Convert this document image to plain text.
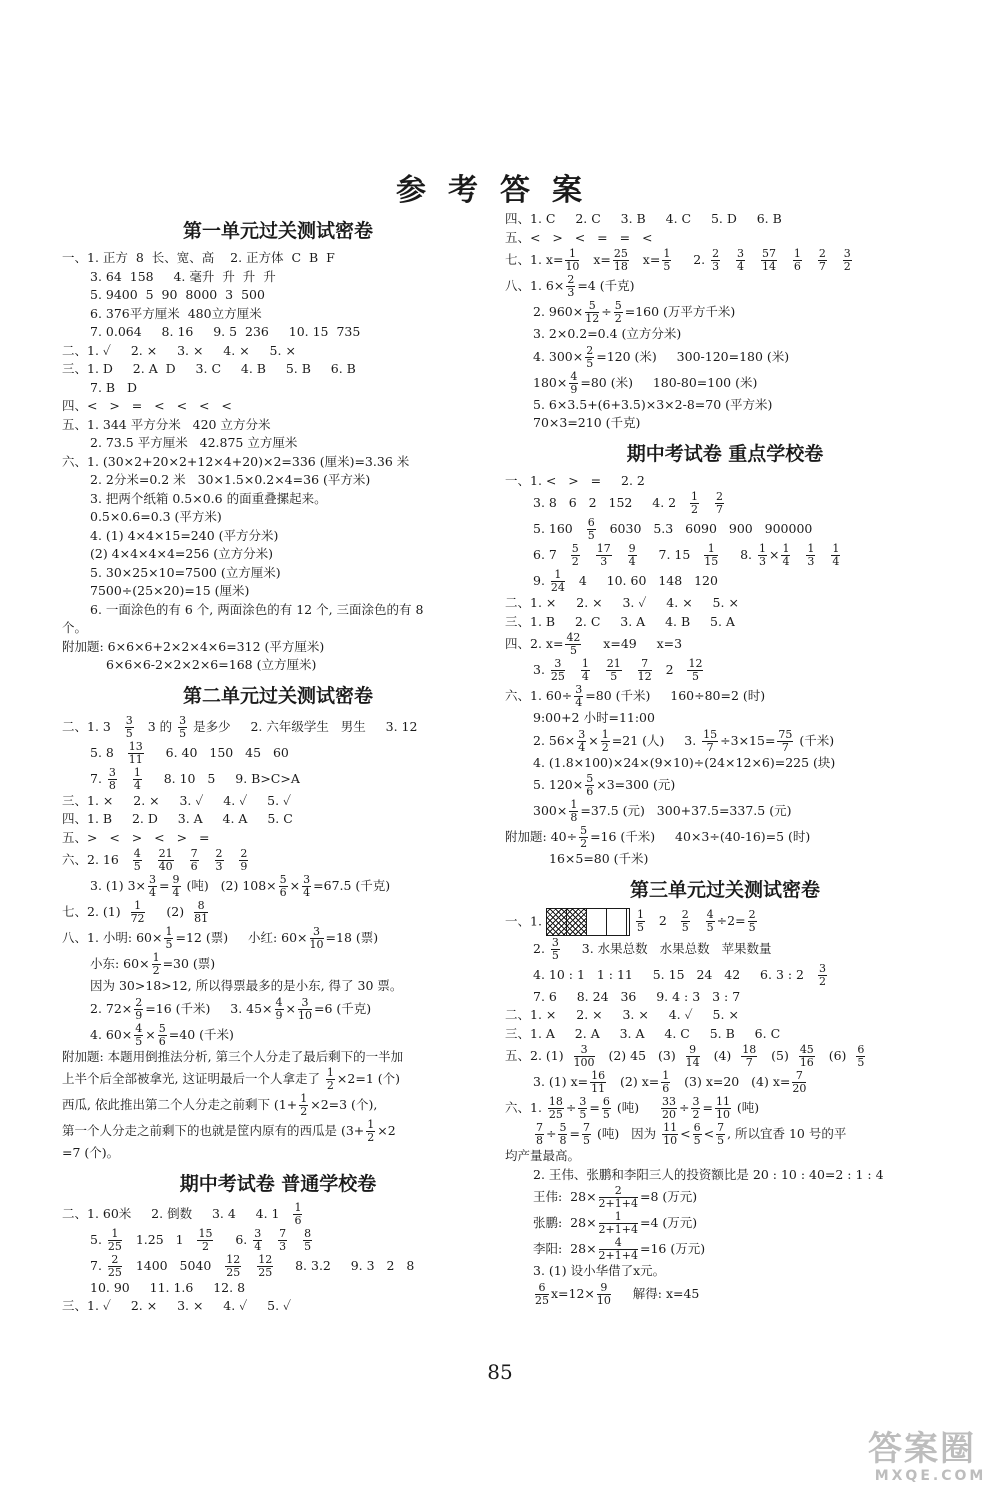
参考答案
第一单元过关测试密卷
一、1. 正方  8  长、宽、高    2. 正方体  C  B  F
3. 64  158     4. 毫升  升  升  升
5. 9400  5  90  8000  3  500
6. 376平方厘米  480立方厘米
7. 0.064     8. 16     9. 5  236     10. 15  735
二、1. ✓     2. ×     3. ×     4. ×     5. ×
三、1. D     2. A  D     3. C     4. B     5. B     6. B
7. B   D
四、<   >   =   <   <   <   <
五、1. 344 平方分米   420 立方分米
2. 73.5 平方厘米   42.875 立方厘米
六、1. (30×2+20×2+12×4+20)×2=336 (厘米)=3.36 米
2. 2分米=0.2 米   30×1.5×0.2×4=36 (平方米)
3. 把两个纸箱 0.5×0.6 的面重叠摞起来。
0.5×0.6=0.3 (平方米)
4. (1) 4×4×15=240 (平方分米)
(2) 4×4×4×4=256 (立方分米)
5. 30×25×10=7500 (立方厘米)
7500÷(25×20)=15 (厘米)
6. 一面涂色的有 6 个, 两面涂色的有 12 个, 三面涂色的有 8
个。
附加题: 6×6×6+2×2×4×6=312 (平方厘米)
6×6×6-2×2×2×6=168 (立方厘米)
第二单元过关测试密卷
二、1. $3 \frac{3}{5} 3$ 的 $\frac{3}{5}$ 是多少     2. 六年级学生   男生     3. 12
5. $8 \frac{13}{11} 6$. 40   150   45   60
7. $\frac{3}{8}$
$\frac{1}{4} 8$. 10   5     9. B>C>A
三、1. ×     2. ×     3. ✓     4. ✓     5. ✓
四、1. B     2. D     3. A     4. A     5. C
五、>   <   >   <   >   =
六、2. $16 \frac{4}{5}$
$\frac{21}{40}$
$\frac{7}{6}$
$\frac{2}{3}$
$\frac{2}{9}$
3. (1) $3\times \frac{3}{4} = \frac{9}{4}$ (吨)   (2) $108\times \frac{5}{6} \times \frac{3}{4} =67.5$ (千克)
七、2. $(1) \frac{1}{72} (2) \frac{8}{81}$
八、1. 小明: $60\times \frac{1}{5} =12$ (票)     小红: $60\times \frac{3}{10} =18$ (票)
小东: $60\times \frac{1}{2} =30$ (票)
因为 30>18>12, 所以得票最多的是小东, 得了 30 票。
2. $72\times \frac{2}{9} =16$ (千米)     3. $45\times \frac{4}{9} \times \frac{3}{10} =6$ (千克)
4. $60\times \frac{4}{5} \times \frac{5}{6} =40$ (千米)
附加题: 本题用倒推法分析, 第三个人分走了最后剩下的一半加
上半个后全部被拿光, 这证明最后一个人拿走了 $\frac{1}{2} \times 2=1$ (个)
西瓜, 依此推出第二个人分走之前剩下 ($1+ \frac{1}{2} \times 2=3$ (个),
第一个人分走之前剩下的也就是筐内原有的西瓜是 ($3+ \frac{1}{2} \times 2$
=7 (个)。
期中考试卷 普通学校卷
二、1. 60米     2. 倒数     3. 4     4. $1 \frac{1}{6}$
5. $\frac{1}{25} 1.25$   $1 \frac{15}{2} 6$. $\frac{3}{4}$
$\frac{7}{3}$
$\frac{8}{5}$
7. $\frac{2}{25} 1400$   $5040 \frac{12}{25}$
$\frac{12}{25} 8$. 3.2     9. 3   2   8
10. 90     11. 1.6     12. 8
三、1. ✓     2. ×     3. ×     4. ✓     5. ✓
四、1. C     2. C     3. B     4. C     5. D     6. B
五、<   >   <   =   =   <
七、1. $x= \frac{1}{10} x= \frac{25}{18} x= \frac{1}{5} 2$. $\frac{2}{3}$
$\frac{3}{4}$
$\frac{57}{14}$
$\frac{1}{6}$
$\frac{2}{7}$
$\frac{3}{2}$
八、1. $6\times \frac{2}{3} =4$ (千克)
2. $960\times \frac{5}{12} \div \frac{5}{2} =160$ (万平方千米)
3. 2×0.2=0.4 (立方分米)
4. $300\times \frac{2}{5} =120$ (米)     300-120=180 (米)
$180\times \frac{4}{9} =80$ (米)     180-80=100 (米)
5. 6×3.5+(6+3.5)×3×2-8=70 (平方米)
70×3=210 (千克)
期中考试卷 重点学校卷
一、1. <   >   =     2. 2
3. 8   6   2   152     4. $2 \frac{1}{2}$
$\frac{2}{7}$
5. $160 \frac{6}{5} 6030$   5.3   6090   900   900000
6. $7 \frac{5}{2}$
$\frac{17}{3}$
$\frac{9}{4} 7$. $15 \frac{1}{15} 8$. $\frac{1}{3} \times \frac{1}{4}$
$\frac{1}{3}$
$\frac{1}{4}$
9. $\frac{1}{24} 4$     10. 60   148   120
二、1. ×     2. ×     3. ✓     4. ×     5. ×
三、1. B     2. C     3. A     4. B     5. A
四、2. $x= \frac{42}{5} x=49$     x=3
3. $\frac{3}{25}$
$\frac{1}{4}$
$\frac{21}{5}$
$\frac{7}{12} 2 \frac{12}{5}$
六、1. $60\div \frac{3}{4} =80$ (千米)     160÷80=2 (时)
9:00+2 小时=11:00
2. $56\times \frac{3}{4} \times \frac{1}{2} =21$ (人)     3. $\frac{15}{7} \div 3\times 15= \frac{75}{7}$ (千米)
4. (1.8×100)×24×(9×10)÷(24×12×6)=225 (块)
5. $120\times \frac{5}{6} \times 3=300$ (元)
$300\times \frac{1}{8} =37.5$ (元)   300+37.5=337.5 (元)
附加题: $40\div \frac{5}{2} =16$ (千米)     40×3÷(40-16)=5 (时)
16×5=80 (千米)
第三单元过关测试密卷
一、1.	$\frac{1}{5} 2 \frac{2}{5}$
$\frac{4}{5} \div 2= \frac{2}{5}$
2. $\frac{3}{5} 3$. 水果总数   水果总数   苹果数量
4. 10 : 1   1 : 11     5. 15   24   42     6. 3 : $2 \frac{3}{2}$
7. 6     8. 24   36     9. 4 : 3   3 : 7
二、1. ×     2. ×     3. ×     4. ✓     5. ×
三、1. A     2. A     3. A     4. C     5. B     6. C
五、2. $(1) \frac{3}{100} (2)$ 45   $(3) \frac{9}{14} (4) \frac{18}{7} (5) \frac{45}{16} (6) \frac{6}{5}$
3. (1) $x= \frac{16}{11} (2)$ $x= \frac{1}{6} (3)$ x=20   (4) $x= \frac{7}{20}$
六、1. $\frac{18}{25} \div \frac{3}{5} = \frac{6}{5}$ (吨) $\frac{33}{20} \div \frac{3}{2} = \frac{11}{10}$ (吨)
$\frac{7}{8} \div \frac{5}{8} = \frac{7}{5}$ (吨)   因为 $\frac{11}{10} < \frac{6}{5} < \frac{7}{5}$ , 所以宜香 10 号的平
均产量最高。
2. 王伟、张鹏和李阳三人的投资额比是 20 : 10 : 40=2 : 1 : 4
王伟:  $28\times \frac{2}{2+1+4} =8$ (万元)
张鹏:  $28\times \frac{1}{2+1+4} =4$ (万元)
李阳:  $28\times \frac{4}{2+1+4} =16$ (万元)
3. (1) 设小华借了x元。
$\frac{6}{25} x=12\times \frac{9}{10}$ 解得: x=45
85
答案圈
MXQE.COM
